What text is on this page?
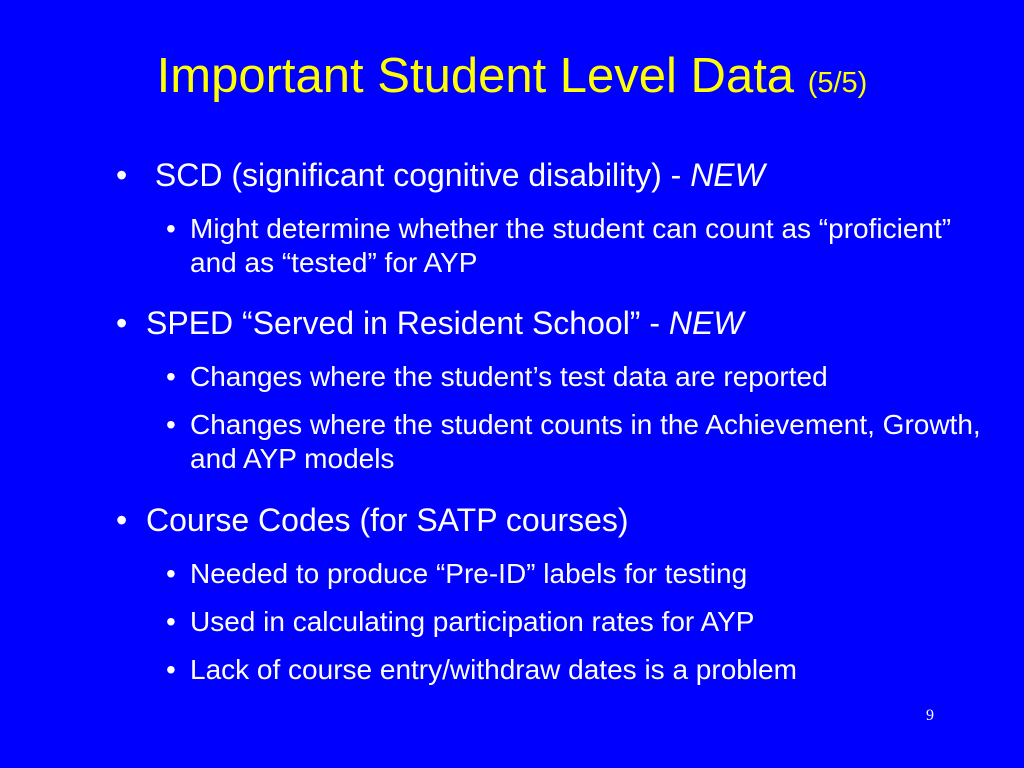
Important Student Level Data (5/5)
• SCD (significant cognitive disability) - NEW
• Might determine whether the student can count as “proficient” and as “tested” for AYP
• SPED “Served in Resident School” - NEW
• Changes where the student’s test data are reported
• Changes where the student counts in the Achievement, Growth, and AYP models
• Course Codes (for SATP courses)
• Needed to produce “Pre-ID” labels for testing
• Used in calculating participation rates for AYP
• Lack of course entry/withdraw dates is a problem
9
